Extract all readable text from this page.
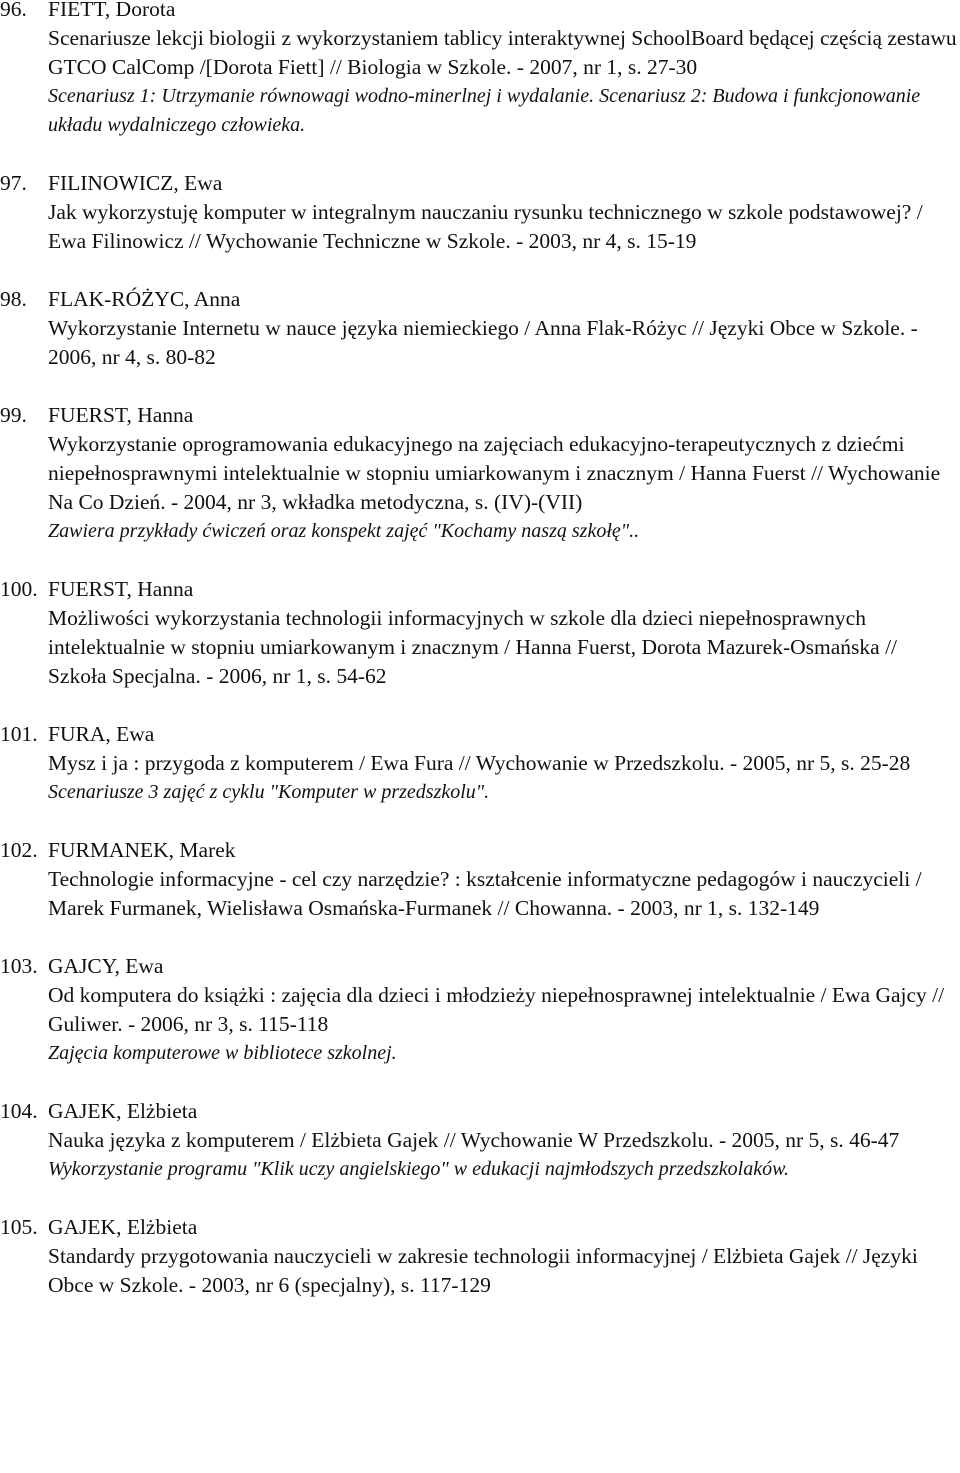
96. FIETT, Dorota
Scenariusze lekcji biologii z wykorzystaniem tablicy interaktywnej SchoolBoard będącej częścią zestawu GTCO CalComp /[Dorota Fiett] // Biologia w Szkole. - 2007, nr 1, s. 27-30
Scenariusz 1: Utrzymanie równowagi wodno-minerlnej i wydalanie. Scenariusz 2: Budowa i funkcjonowanie układu wydalniczego człowieka.
97. FILINOWICZ, Ewa
Jak wykorzystuję komputer w integralnym nauczaniu rysunku technicznego w szkole podstawowej? / Ewa Filinowicz // Wychowanie Techniczne w Szkole. - 2003, nr 4, s. 15-19
98. FLAK-RÓŻYC, Anna
Wykorzystanie Internetu w nauce języka niemieckiego / Anna Flak-Różyc // Języki Obce w Szkole. - 2006, nr 4, s. 80-82
99. FUERST, Hanna
Wykorzystanie oprogramowania edukacyjnego na zajęciach edukacyjno-terapeutycznych z dziećmi niepełnosprawnymi intelektualnie w stopniu umiarkowanym i znacznym / Hanna Fuerst // Wychowanie Na Co Dzień. - 2004, nr 3, wkładka metodyczna, s. (IV)-(VII)
Zawiera przykłady ćwiczeń oraz konspekt zajęć "Kochamy naszą szkołę"..
100. FUERST, Hanna
Możliwości wykorzystania technologii informacyjnych w szkole dla dzieci niepełnosprawnych intelektualnie w stopniu umiarkowanym i znacznym / Hanna Fuerst, Dorota Mazurek-Osmańska // Szkoła Specjalna. - 2006, nr 1, s. 54-62
101. FURA, Ewa
Mysz i ja : przygoda z komputerem / Ewa Fura // Wychowanie w Przedszkolu. - 2005, nr 5, s. 25-28
Scenariusze 3 zajęć z cyklu "Komputer w przedszkolu".
102. FURMANEK, Marek
Technologie informacyjne - cel czy narzędzie? : kształcenie informatyczne pedagogów i nauczycieli / Marek Furmanek, Wielisława Osmańska-Furmanek // Chowanna. - 2003, nr 1, s. 132-149
103. GAJCY, Ewa
Od komputera do książki : zajęcia dla dzieci i młodzieży niepełnosprawnej intelektualnie / Ewa Gajcy // Guliwer. - 2006, nr 3, s. 115-118
Zajęcia komputerowe w bibliotece szkolnej.
104. GAJEK, Elżbieta
Nauka języka z komputerem / Elżbieta Gajek // Wychowanie W Przedszkolu. - 2005, nr 5, s. 46-47
Wykorzystanie programu "Klik uczy angielskiego" w edukacji najmłodszych przedszkolaków.
105. GAJEK, Elżbieta
Standardy przygotowania nauczycieli w zakresie technologii informacyjnej / Elżbieta Gajek // Języki Obce w Szkole. - 2003, nr 6 (specjalny), s. 117-129
